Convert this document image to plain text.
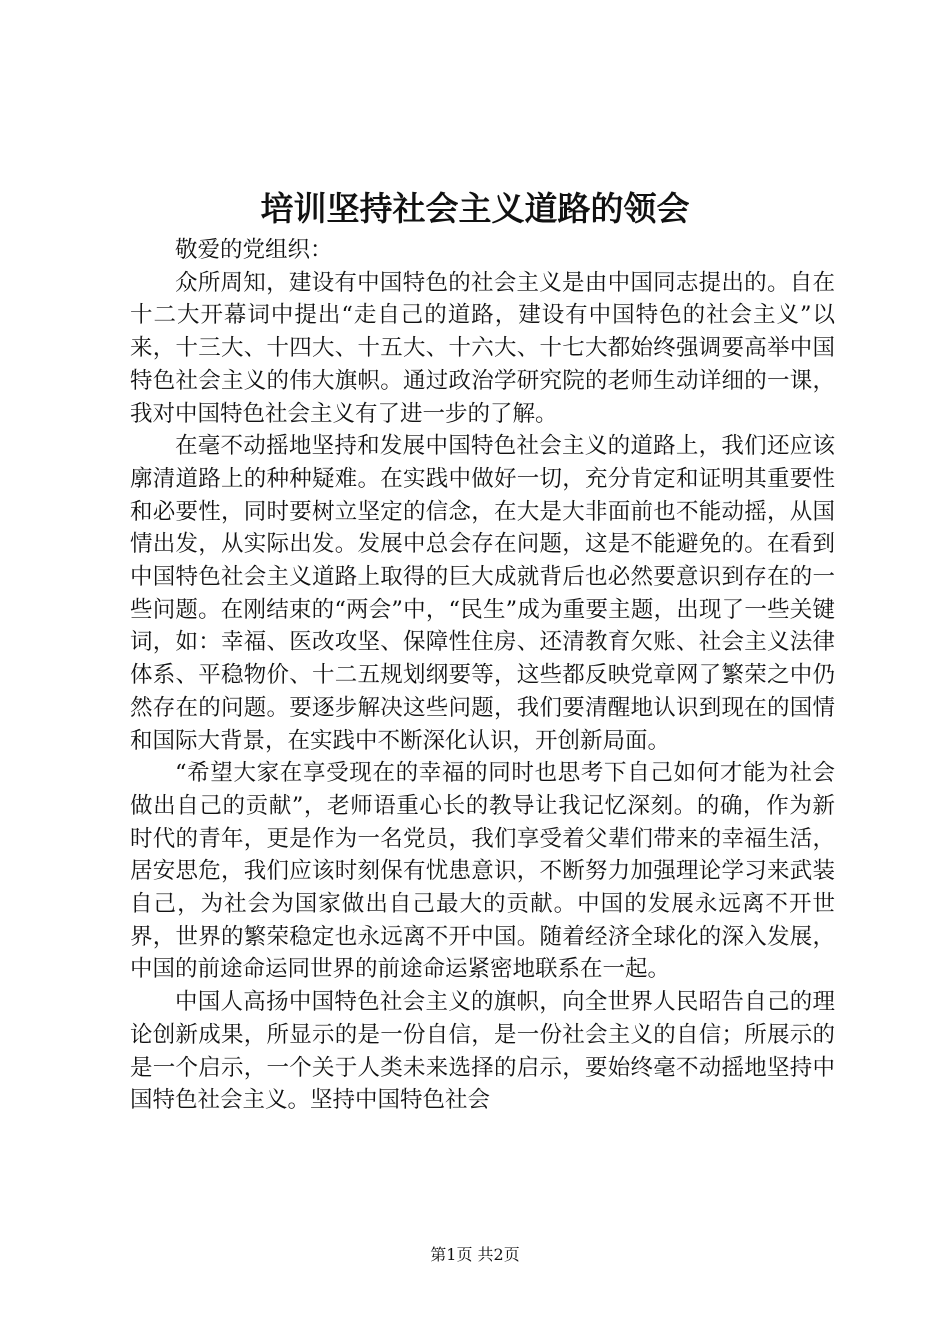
培训坚持社会主义道路的领会

敬爱的党组织：

众所周知，建设有中国特色的社会主义是由中国同志提出的。自在十二大开幕词中提出“走自己的道路，建设有中国特色的社会主义”以来，十三大、十四大、十五大、十六大、十七大都始终强调要高举中国特色社会主义的伟大旗帜。通过政治学研究院的老师生动详细的一课，我对中国特色社会主义有了进一步的了解。

在毫不动摇地坚持和发展中国特色社会主义的道路上，我们还应该廓清道路上的种种疑难。在实践中做好一切，充分肯定和证明其重要性和必要性，同时要树立坚定的信念，在大是大非面前也不能动摇，从国情出发，从实际出发。发展中总会存在问题，这是不能避免的。在看到中国特色社会主义道路上取得的巨大成就背后也必然要意识到存在的一些问题。在刚结束的“两会”中，“民生”成为重要主题，出现了一些关键词，如：幸福、医改攻坚、保障性住房、还清教育欠账、社会主义法律体系、平稳物价、十二五规划纲要等，这些都反映党章网了繁荣之中仍然存在的问题。要逐步解决这些问题，我们要清醒地认识到现在的国情和国际大背景，在实践中不断深化认识，开创新局面。

“希望大家在享受现在的幸福的同时也思考下自己如何才能为社会做出自己的贡献”，老师语重心长的教导让我记忆深刻。的确，作为新时代的青年，更是作为一名党员，我们享受着父辈们带来的幸福生活，居安思危，我们应该时刻保有忧患意识，不断努力加强理论学习来武装自己，为社会为国家做出自己最大的贡献。中国的发展永远离不开世界，世界的繁荣稳定也永远离不开中国。随着经济全球化的深入发展，中国的前途命运同世界的前途命运紧密地联系在一起。

中国人高扬中国特色社会主义的旗帜，向全世界人民昭告自己的理论创新成果，所显示的是一份自信，是一份社会主义的自信；所展示的是一个启示，一个关于人类未来选择的启示，要始终毫不动摇地坚持中国特色社会主义。坚持中国特色社会

第1页 共2页
